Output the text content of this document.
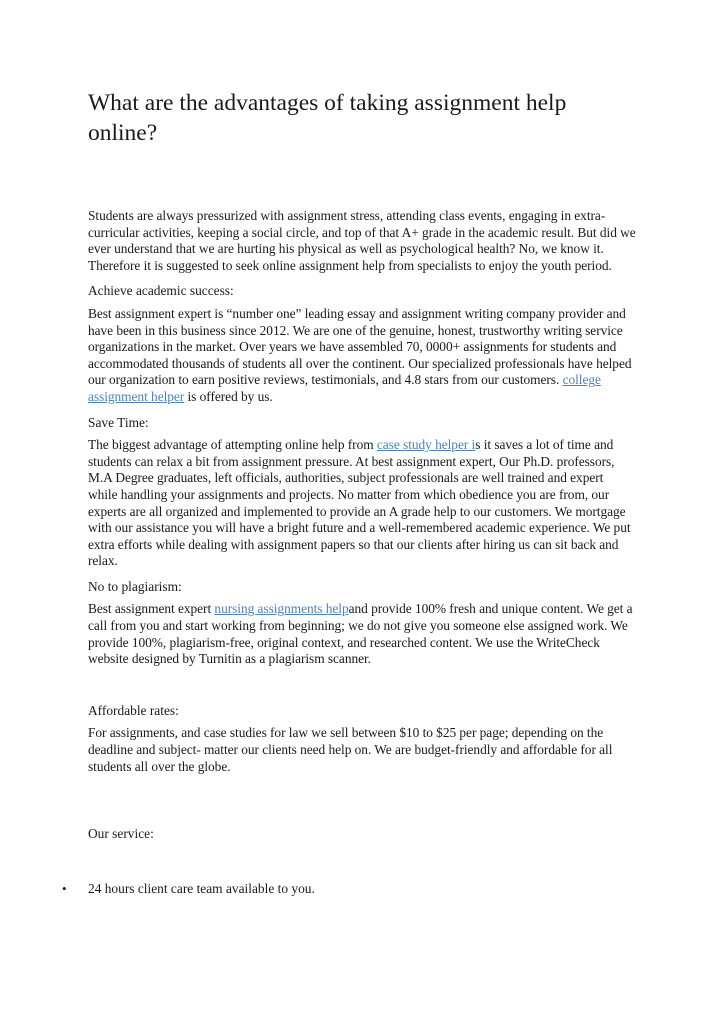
What are the advantages of taking assignment help online?

Students are always pressurized with assignment stress, attending class events, engaging in extra-curricular activities, keeping a social circle, and top of that A+ grade in the academic result. But did we ever understand that we are hurting his physical as well as psychological health? No, we know it. Therefore it is suggested to seek online assignment help from specialists to enjoy the youth period.

Achieve academic success:

Best assignment expert is “number one” leading essay and assignment writing company provider and have been in this business since 2012. We are one of the genuine, honest, trustworthy writing service organizations in the market. Over years we have assembled 70, 0000+ assignments for students and accommodated thousands of students all over the continent. Our specialized professionals have helped our organization to earn positive reviews, testimonials, and 4.8 stars from our customers. college assignment helper is offered by us.

Save Time:

The biggest advantage of attempting online help from case study helper is it saves a lot of time and students can relax a bit from assignment pressure. At best assignment expert, Our Ph.D. professors, M.A Degree graduates, left officials, authorities, subject professionals are well trained and expert while handling your assignments and projects. No matter from which obedience you are from, our experts are all organized and implemented to provide an A grade help to our customers. We mortgage with our assistance you will have a bright future and a well-remembered academic experience. We put extra efforts while dealing with assignment papers so that our clients after hiring us can sit back and relax.

No to plagiarism:

Best assignment expert nursing assignments helpand provide 100% fresh and unique content. We get a call from you and start working from beginning; we do not give you someone else assigned work. We provide 100%, plagiarism-free, original context, and researched content. We use the WriteCheck website designed by Turnitin as a plagiarism scanner.

Affordable rates:

For assignments, and case studies for law we sell between $10 to $25 per page; depending on the deadline and subject- matter our clients need help on. We are budget-friendly and affordable for all students all over the globe.

Our service:

• 24 hours client care team available to you.
